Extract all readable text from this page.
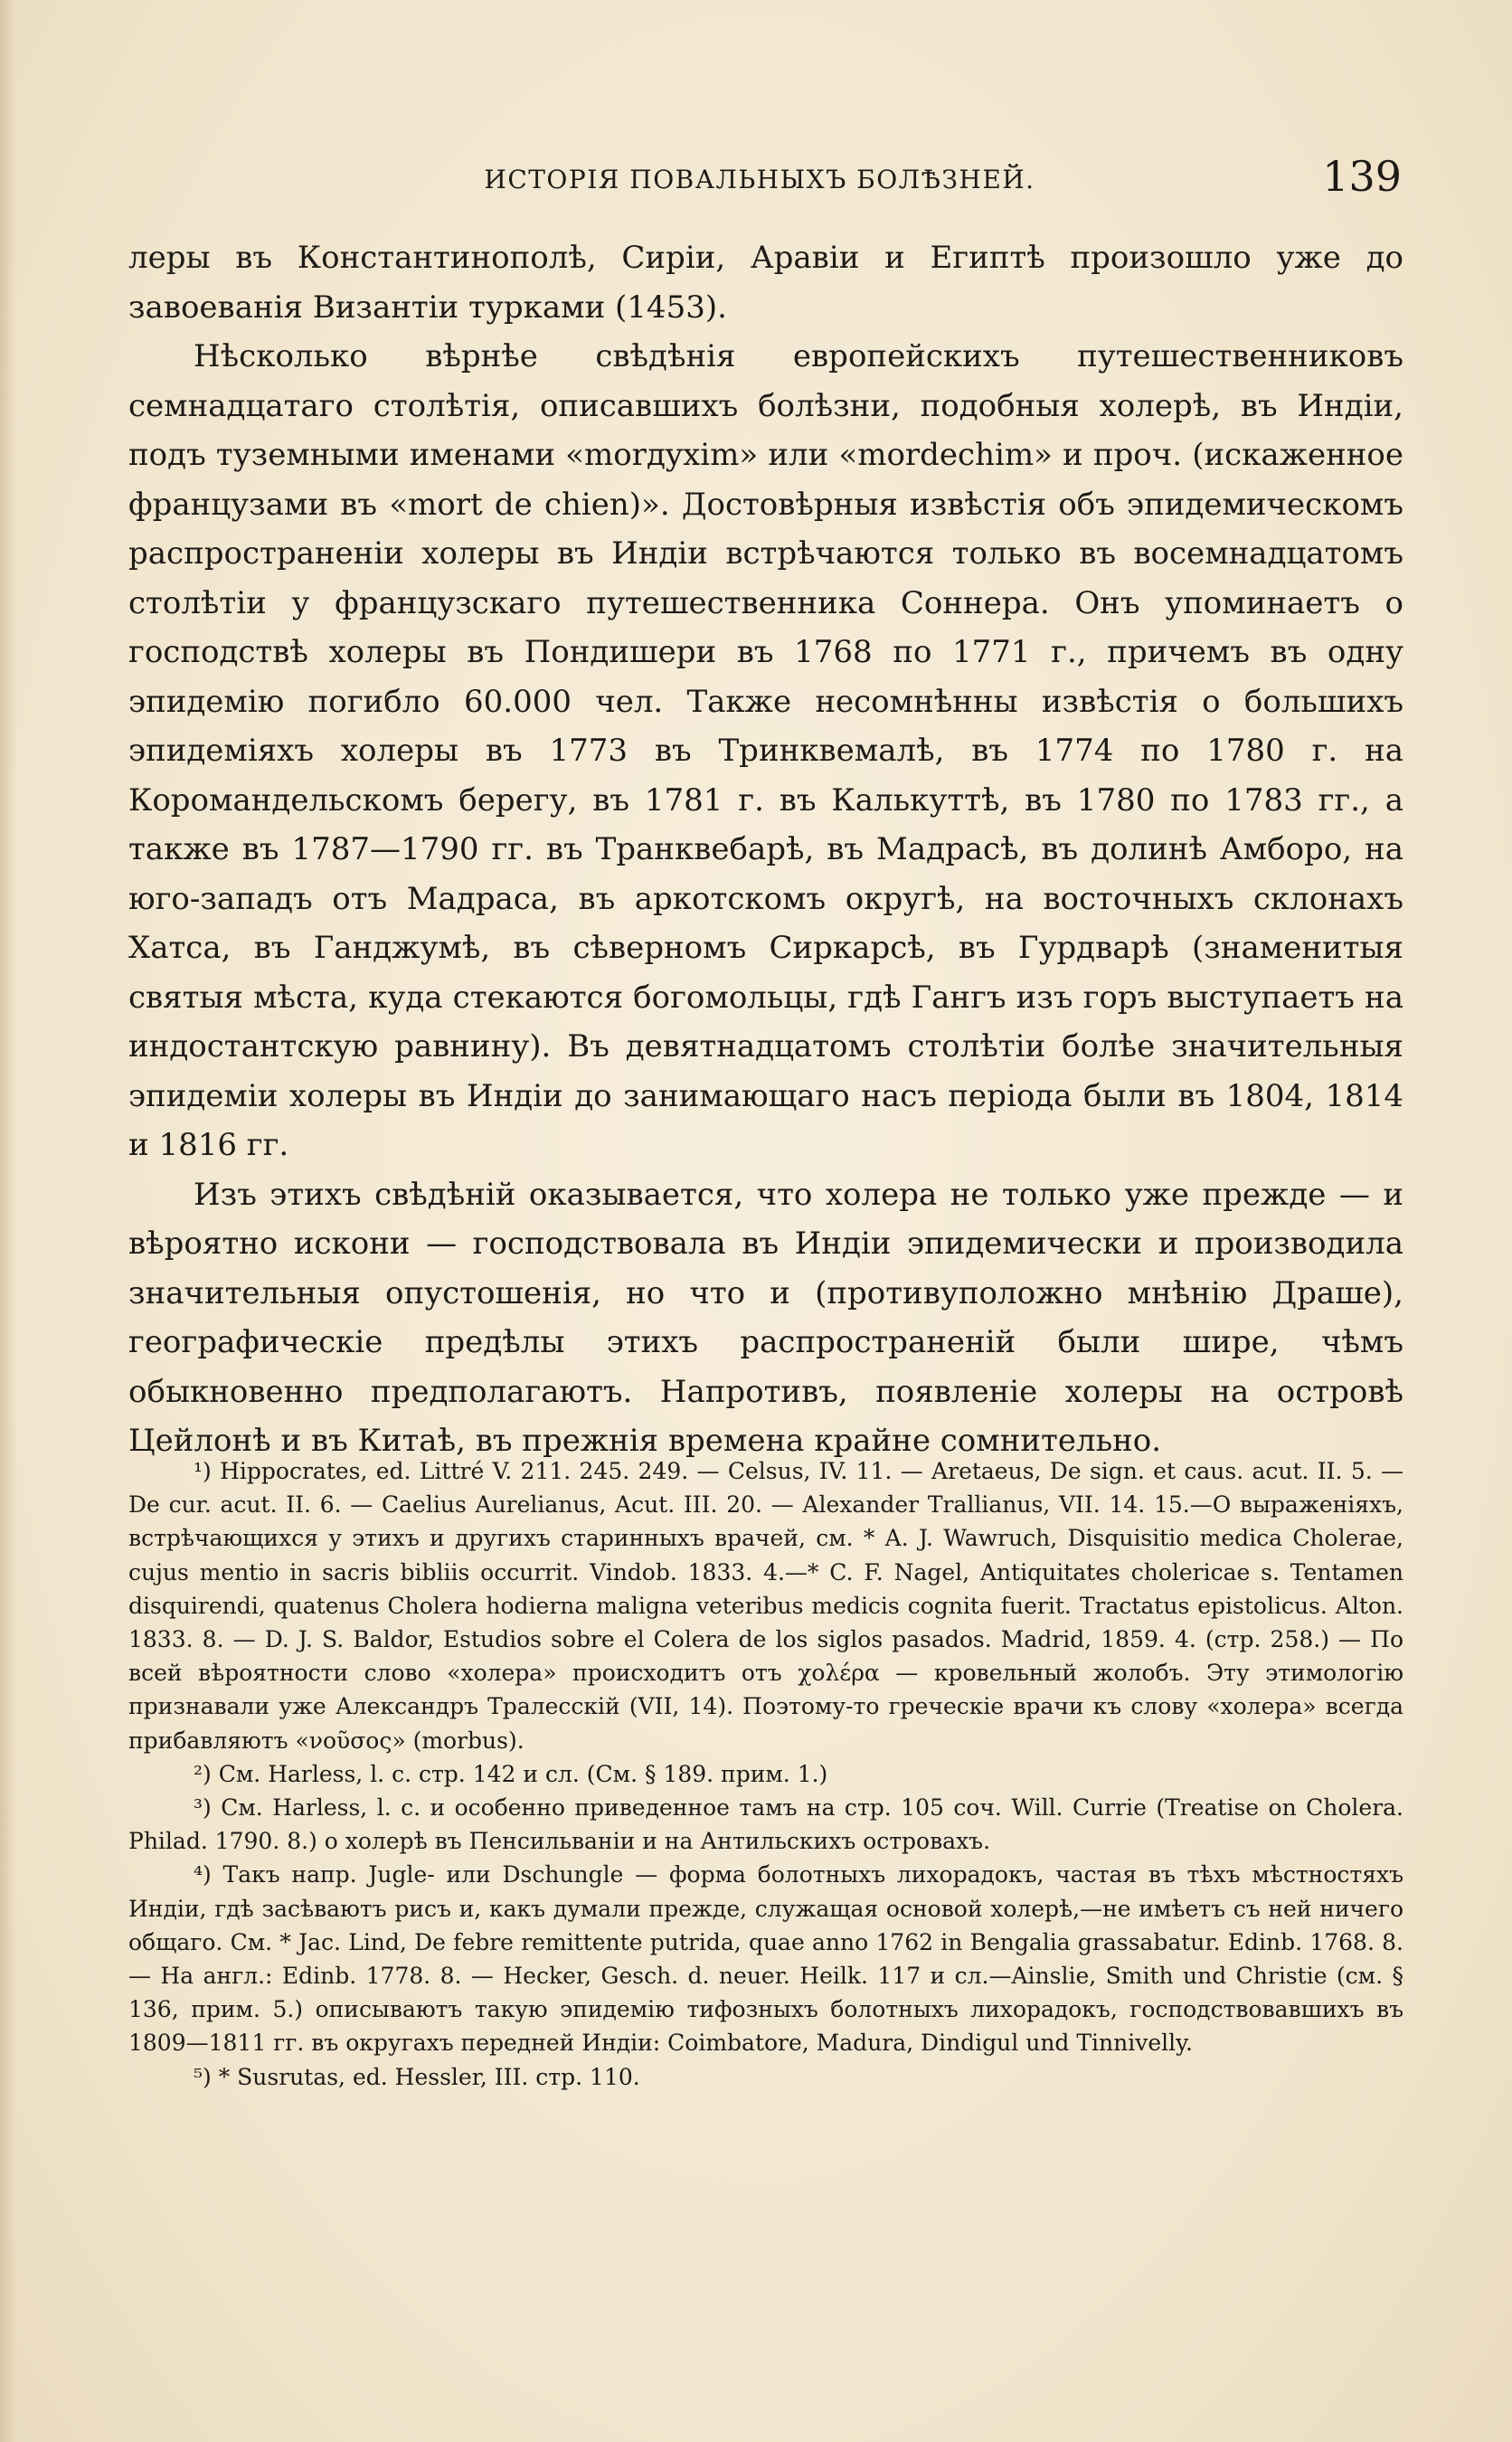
ИСТОРІЯ ПОВАЛЬНЫХЪ БОЛѢЗНЕЙ.	139

леры въ Константинополѣ, Сиріи, Аравіи и Египтѣ произошло уже до завоеванія Византіи турками (1453).

Нѣсколько вѣрнѣе свѣдѣнія европейскихъ путешественниковъ семнадцатаго столѣтія, описавшихъ болѣзни, подобныя холерѣ, въ Индіи, подъ туземными именами «morдyxim» или «mordechim» и проч. (искаженное французами въ «mort de chien)». Достовѣрныя извѣстія объ эпидемическомъ распространеніи холеры въ Индіи встрѣчаются только въ восемнадцатомъ столѣтіи у французскаго путешественника Соннера. Онъ упоминаетъ о господствѣ холеры въ Пондишери въ 1768 по 1771 г., причемъ въ одну эпидемію погибло 60.000 чел. Также несомнѣнны извѣстія о большихъ эпидеміяхъ холеры въ 1773 въ Тринквемалѣ, въ 1774 по 1780 г. на Коромандельскомъ берегу, въ 1781 г. въ Калькуттѣ, въ 1780 по 1783 гг., а также въ 1787—1790 гг. въ Транквебарѣ, въ Мадрасѣ, въ долинѣ Амборо, на юго-западъ отъ Мадраса, въ аркотскомъ округѣ, на восточныхъ склонахъ Хатса, въ Ганджумѣ, въ сѣверномъ Сиркарсѣ, въ Гурдварѣ (знаменитыя святыя мѣста, куда стекаются богомольцы, гдѣ Гангъ изъ горъ выступаетъ на индостантскую равнину). Въ девятнадцатомъ столѣтіи болѣе значительныя эпидеміи холеры въ Индіи до занимающаго насъ періода были въ 1804, 1814 и 1816 гг.

Изъ этихъ свѣдѣній оказывается, что холера не только уже прежде — и вѣроятно искони — господствовала въ Индіи эпидемически и производила значительныя опустошенія, но что и (противуположно мнѣнію Драше), географическіе предѣлы этихъ распространеній были шире, чѣмъ обыкновенно предполагаютъ. Напротивъ, появленіе холеры на островѣ Цейлонѣ и въ Китаѣ, въ прежнія времена крайне сомнительно.

¹) Hippocrates, ed. Littré V. 211. 245. 249. — Celsus, IV. 11. — Aretaeus, De sign. et caus. acut. II. 5. — De cur. acut. II. 6. — Caelius Aurelianus, Acut. III. 20. — Alexander Trallianus, VII. 14. 15.—О выраженіяхъ, встрѣчающихся у этихъ и другихъ старинныхъ врачей, см. * A. J. Wawruch, Disquisitio medica Cholerae, cujus mentio in sacris bibliis occurrit. Vindob. 1833. 4.—* C. F. Nagel, Antiquitates cholericae s. Tentamen disquirendi, quatenus Cholera hodierna maligna veteribus medicis cognita fuerit. Tractatus epistolicus. Alton. 1833. 8. — D. J. S. Baldor, Estudios sobre el Colera de los siglos pasados. Madrid, 1859. 4. (стр. 258.) — По всей вѣроятности слово «холера» происходитъ отъ χολέρα — кровельный жолобъ. Эту этимологію признавали уже Александръ Тралесскій (VII, 14). Поэтому-то греческіе врачи къ слову «холера» всегда прибавляютъ «νοῦσος» (morbus).

²) См. Harless, l. c. стр. 142 и сл. (См. § 189. прим. 1.)

³) См. Harless, l. c. и особенно приведенное тамъ на стр. 105 соч. Will. Currie (Treatise on Cholera. Philad. 1790. 8.) о холерѣ въ Пенсильваніи и на Антильскихъ островахъ.

⁴) Такъ напр. Jugle- или Dschungle — форма болотныхъ лихорадокъ, частая въ тѣхъ мѣстностяхъ Индіи, гдѣ засѣваютъ рисъ и, какъ думали прежде, служащая основой холерѣ,—не имѣетъ съ ней ничего общаго. См. * Jac. Lind, De febre remittente putrida, quae anno 1762 in Bengalia grassabatur. Edinb. 1768. 8. — На англ.: Edinb. 1778. 8. — Hecker, Gesch. d. neuer. Heilk. 117 и сл.—Ainslie, Smith und Christie (см. § 136, прим. 5.) описываютъ такую эпидемію тифозныхъ болотныхъ лихорадокъ, господствовавшихъ въ 1809—1811 гг. въ округахъ передней Индіи: Coimbatore, Madura, Dindigul und Tinnivelly.

⁵) * Susrutas, ed. Hessler, III. стр. 110.
